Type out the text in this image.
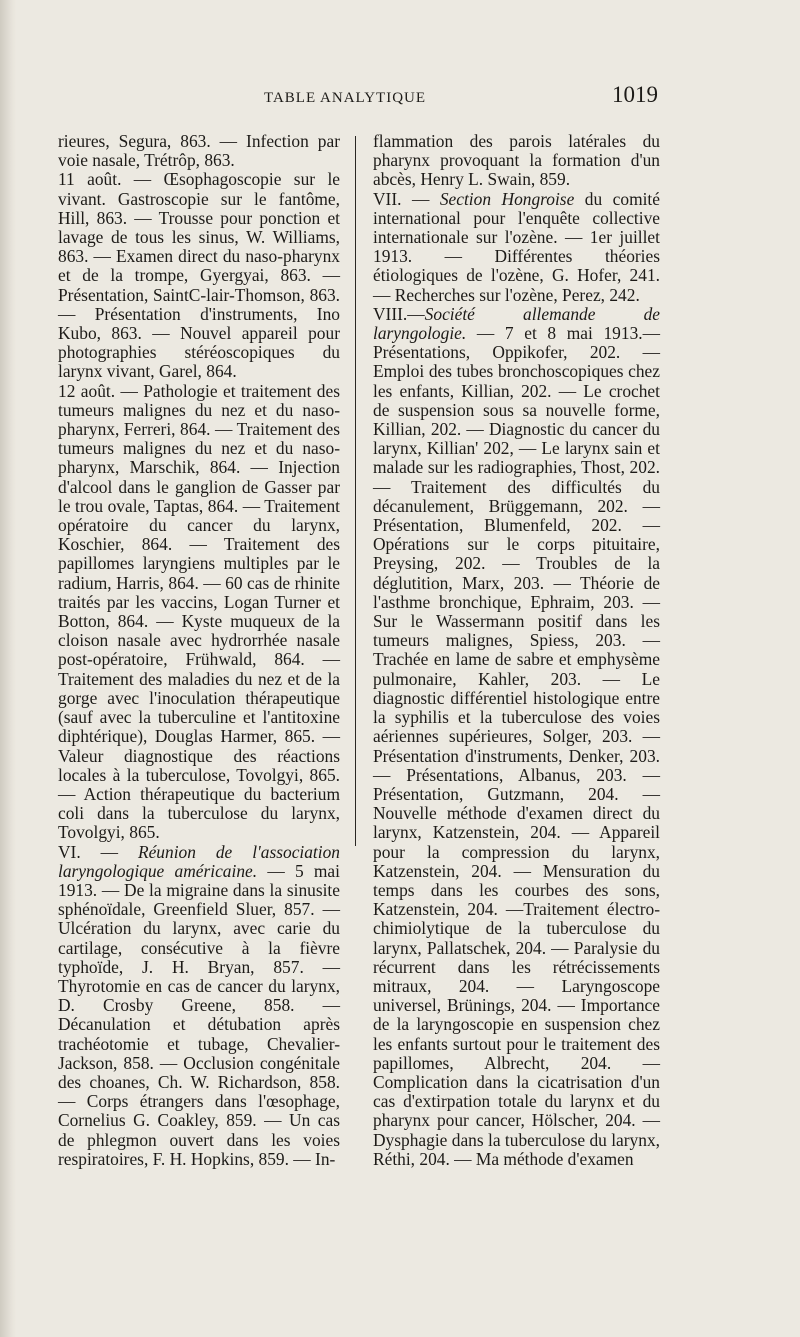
TABLE ANALYTIQUE	1019

rieures, Segura, 863. — Infection par voie nasale, Trétrôp, 863.

11 août. — Œsophagoscopie sur le vivant. Gastroscopie sur le fantôme, Hill, 863. — Trousse pour ponction et lavage de tous les sinus, W. Williams, 863. — Examen direct du naso-pharynx et de la trompe, Gyergyai, 863. — Présentation, SaintC-lair-Thomson, 863. — Présentation d'instruments, Ino Kubo, 863. — Nouvel appareil pour photographies stéréoscopiques du larynx vivant, Garel, 864.

12 août. — Pathologie et traitement des tumeurs malignes du nez et du naso-pharynx, Ferreri, 864. — Traitement des tumeurs malignes du nez et du naso-pharynx, Marschik, 864. — Injection d'alcool dans le ganglion de Gasser par le trou ovale, Taptas, 864. — Traitement opératoire du cancer du larynx, Koschier, 864. — Traitement des papillomes laryngiens multiples par le radium, Harris, 864. — 60 cas de rhinite traités par les vaccins, Logan Turner et Botton, 864. — Kyste muqueux de la cloison nasale avec hydrorrhée nasale post-opératoire, Frühwald, 864. — Traitement des maladies du nez et de la gorge avec l'inoculation thérapeutique (sauf avec la tuberculine et l'antitoxine diphtérique), Douglas Harmer, 865. — Valeur diagnostique des réactions locales à la tuberculose, Tovolgyi, 865. — Action thérapeutique du bacterium coli dans la tuberculose du larynx, Tovolgyi, 865.

VI. — Réunion de l'association laryngologique américaine. — 5 mai 1913. — De la migraine dans la sinusite sphénoïdale, Greenfield Sluer, 857. — Ulcération du larynx, avec carie du cartilage, consécutive à la fièvre typhoïde, J. H. Bryan, 857. — Thyrotomie en cas de cancer du larynx, D. Crosby Greene, 858. — Décanulation et détubation après trachéotomie et tubage, Chevalier-Jackson, 858. — Occlusion congénitale des choanes, Ch. W. Richardson, 858. — Corps étrangers dans l'œsophage, Cornelius G. Coakley, 859. — Un cas de phlegmon ouvert dans les voies respiratoires, F. H. Hopkins, 859. — In-

flammation des parois latérales du pharynx provoquant la formation d'un abcès, Henry L. Swain, 859.

VII. — Section Hongroise du comité international pour l'enquête collective internationale sur l'ozène. — 1er juillet 1913. — Différentes théories étiologiques de l'ozène, G. Hofer, 241. — Recherches sur l'ozène, Perez, 242.

VIII.—Société allemande de laryngologie. — 7 et 8 mai 1913.— Présentations, Oppikofer, 202. — Emploi des tubes bronchoscopiques chez les enfants, Killian, 202. — Le crochet de suspension sous sa nouvelle forme, Killian, 202. — Diagnostic du cancer du larynx, Killian' 202, — Le larynx sain et malade sur les radiographies, Thost, 202.— Traitement des difficultés du décanulement, Brüggemann, 202. — Présentation, Blumenfeld, 202. — Opérations sur le corps pituitaire, Preysing, 202. — Troubles de la déglutition, Marx, 203. — Théorie de l'asthme bronchique, Ephraim, 203. — Sur le Wassermann positif dans les tumeurs malignes, Spiess, 203. — Trachée en lame de sabre et emphysème pulmonaire, Kahler, 203. — Le diagnostic différentiel histologique entre la syphilis et la tuberculose des voies aériennes supérieures, Solger, 203. — Présentation d'instruments, Denker, 203. — Présentations, Albanus, 203. — Présentation, Gutzmann, 204. — Nouvelle méthode d'examen direct du larynx, Katzenstein, 204. — Appareil pour la compression du larynx, Katzenstein, 204. — Mensuration du temps dans les courbes des sons, Katzenstein, 204. —Traitement électro-chimiolytique de la tuberculose du larynx, Pallatschek, 204. — Paralysie du récurrent dans les rétrécissements mitraux, 204. — Laryngoscope universel, Brünings, 204. — Importance de la laryngoscopie en suspension chez les enfants surtout pour le traitement des papillomes, Albrecht, 204. — Complication dans la cicatrisation d'un cas d'extirpation totale du larynx et du pharynx pour cancer, Hölscher, 204. — Dysphagie dans la tuberculose du larynx, Réthi, 204. — Ma méthode d'examen
